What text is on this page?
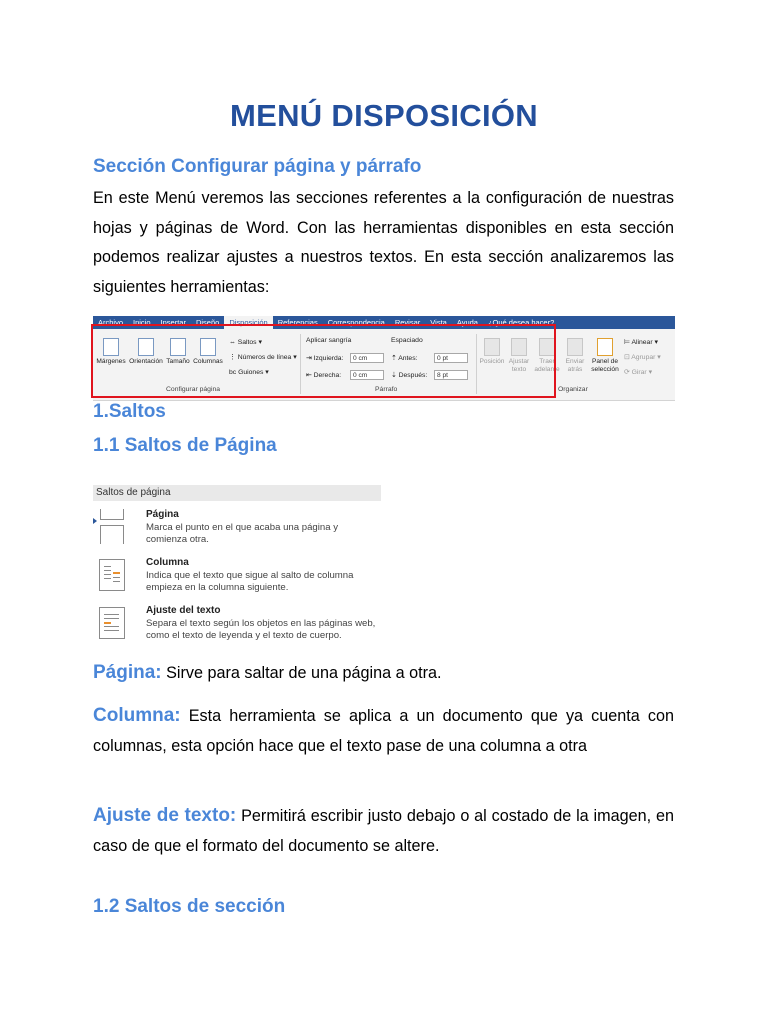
MENÚ DISPOSICIÓN
Sección Configurar página y párrafo
En este Menú veremos las secciones referentes a la configuración de nuestras hojas y páginas de Word. Con las herramientas disponibles en esta sección podemos realizar ajustes a nuestros textos. En esta sección analizaremos las siguientes herramientas:
Archivo	Inicio	Insertar	Diseño	Disposición	Referencias	Correspondencia	Revisar	Vista	Ayuda	¿Qué desea hacer?
Márgenes Orientación Tamaño Columnas
⇔ Saltos ▾
⋮ Números de línea ▾
bc Guiones ▾
Configurar página
Aplicar sangría
⇥ Izquierda:	0 cm
⇤ Derecha:	0 cm
Espaciado
⇡ Antes:	0 pt
⇣ Después:	8 pt
Párrafo
Posición Ajustar texto
Traer adelante
Enviar atrás
Panel de selección
⊨ Alinear ▾
⊡ Agrupar ▾
⟳ Girar ▾
Organizar
1.Saltos
1.1 Saltos de Página
Saltos de página
Página
Marca el punto en el que acaba una página y comienza otra.
Columna
Indica que el texto que sigue al salto de columna empieza en la columna siguiente.
Ajuste del texto
Separa el texto según los objetos en las páginas web, como el texto de leyenda y el texto de cuerpo.
Página: Sirve para saltar de una página a otra.
Columna: Esta herramienta se aplica a un documento que ya cuenta con columnas, esta opción hace que el texto pase de una columna a otra
Ajuste de texto: Permitirá escribir justo debajo o al costado de la imagen, en caso de que el formato del documento se altere.
1.2 Saltos de sección
